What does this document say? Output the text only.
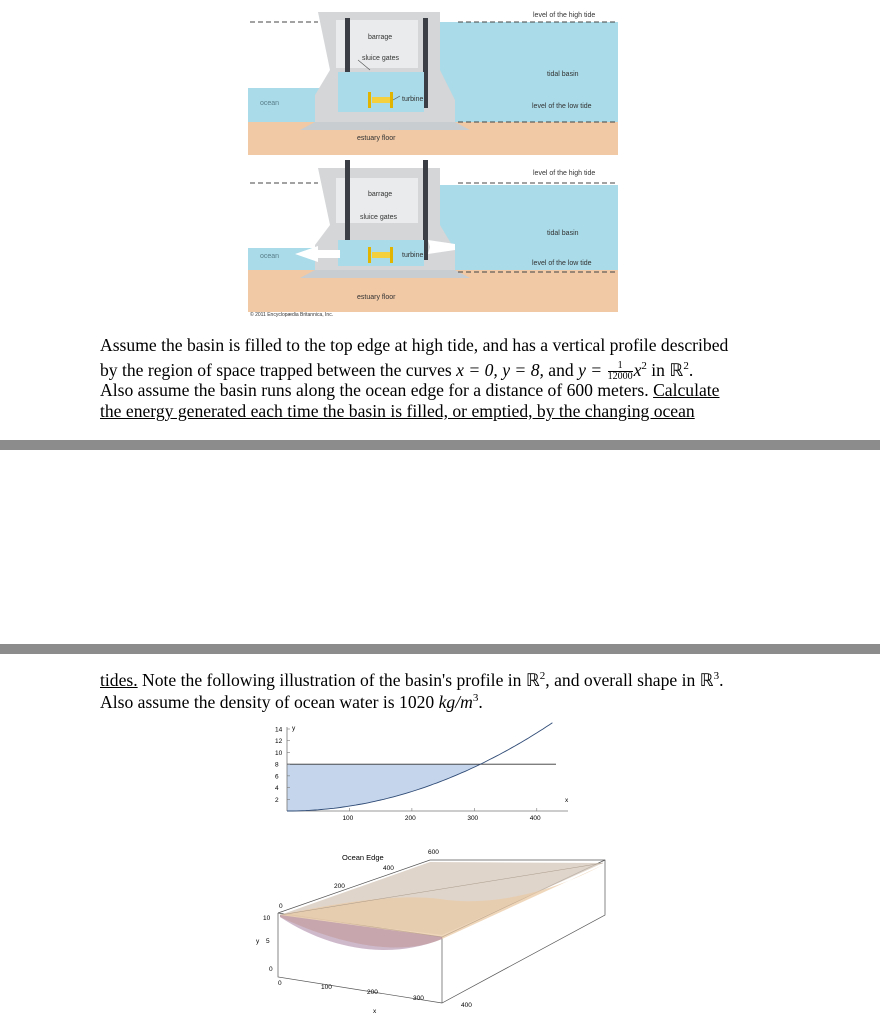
level of the high tide
barrage
sluice gates
tidal basin
turbine
ocean	level of the low tide
estuary floor
level of the high tide
barrage
sluice gates
tidal basin
turbine
ocean
level of the low tide
estuary floor
© 2011 Encyclopædia Britannica, Inc.
Assume the basin is filled to the top edge at high tide, and has a vertical profile described
by the region of space trapped between the curves x = 0, y = 8, and $y = \frac{1}{12000} x^2$ in ℝ$^2$.
Also assume the basin runs along the ocean edge for a distance of 600 meters. Calculate
the energy generated each time the basin is filled, or emptied, by the changing ocean
tides. Note the following illustration of the basin's profile in ℝ$^2$, and overall shape in ℝ$^3$.
Also assume the density of ocean water is 1020 $kg/m^3$.
14
12
10
8
6
4
2
100	200	300	400
y
x
Ocean Edge
600
400
200
0
y
10
5
0
0
100
200
300
400
x
